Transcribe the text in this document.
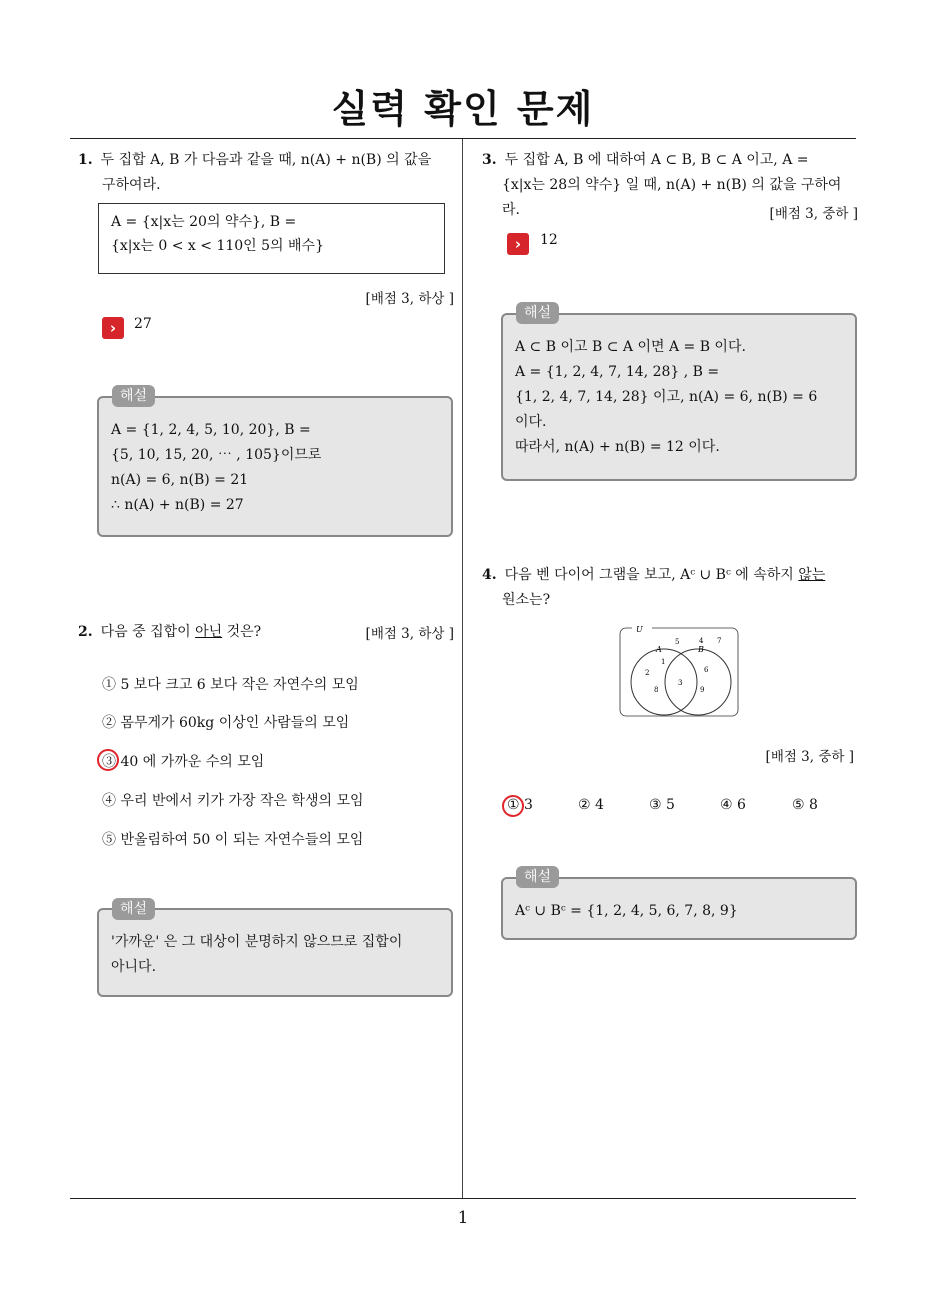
실력 확인 문제
1
1. 두 집합 A, B 가 다음과 같을 때, n(A) + n(B) 의 값을
구하여라.
A = {x|x는 20의 약수}, B =
{x|x는 0 < x < 110인 5의 배수}
[배점 3, 하상 ]
›	27
A = {1, 2, 4, 5, 10, 20}, B =
{5, 10, 15, 20, ⋯ , 105}이므로
n(A) = 6, n(B) = 21
∴ n(A) + n(B) = 27
해설
2. 다음 중 집합이 아닌 것은?	[배점 3, 하상 ]
① 5 보다 크고 6 보다 작은 자연수의 모임
② 몸무게가 60kg 이상인 사람들의 모임
③ 40 에 가까운 수의 모임
④ 우리 반에서 키가 가장 작은 학생의 모임
⑤ 반올림하여 50 이 되는 자연수들의 모임
'가까운' 은 그 대상이 분명하지 않으므로 집합이
아니다.
해설
3. 두 집합 A, B 에 대하여 A ⊂ B, B ⊂ A 이고, A =
{x|x는 28의 약수} 일 때, n(A) + n(B) 의 값을 구하여
라.	[배점 3, 중하 ]
›	12
A ⊂ B 이고 B ⊂ A 이면 A = B 이다.
A = {1, 2, 4, 7, 14, 28} , B =
{1, 2, 4, 7, 14, 28} 이고, n(A) = 6, n(B) = 6
이다.
따라서, n(A) + n(B) = 12 이다.
해설
4. 다음 벤 다이어 그램을 보고, Aᶜ ∪ Bᶜ 에 속하지 않는
원소는?
U
A	B
5	4 7
1
2
8
3
6
9
[배점 3, 중하 ]
① 3	② 4	③ 5	④ 6	⑤ 8
Aᶜ ∪ Bᶜ = {1, 2, 4, 5, 6, 7, 8, 9}
해설
